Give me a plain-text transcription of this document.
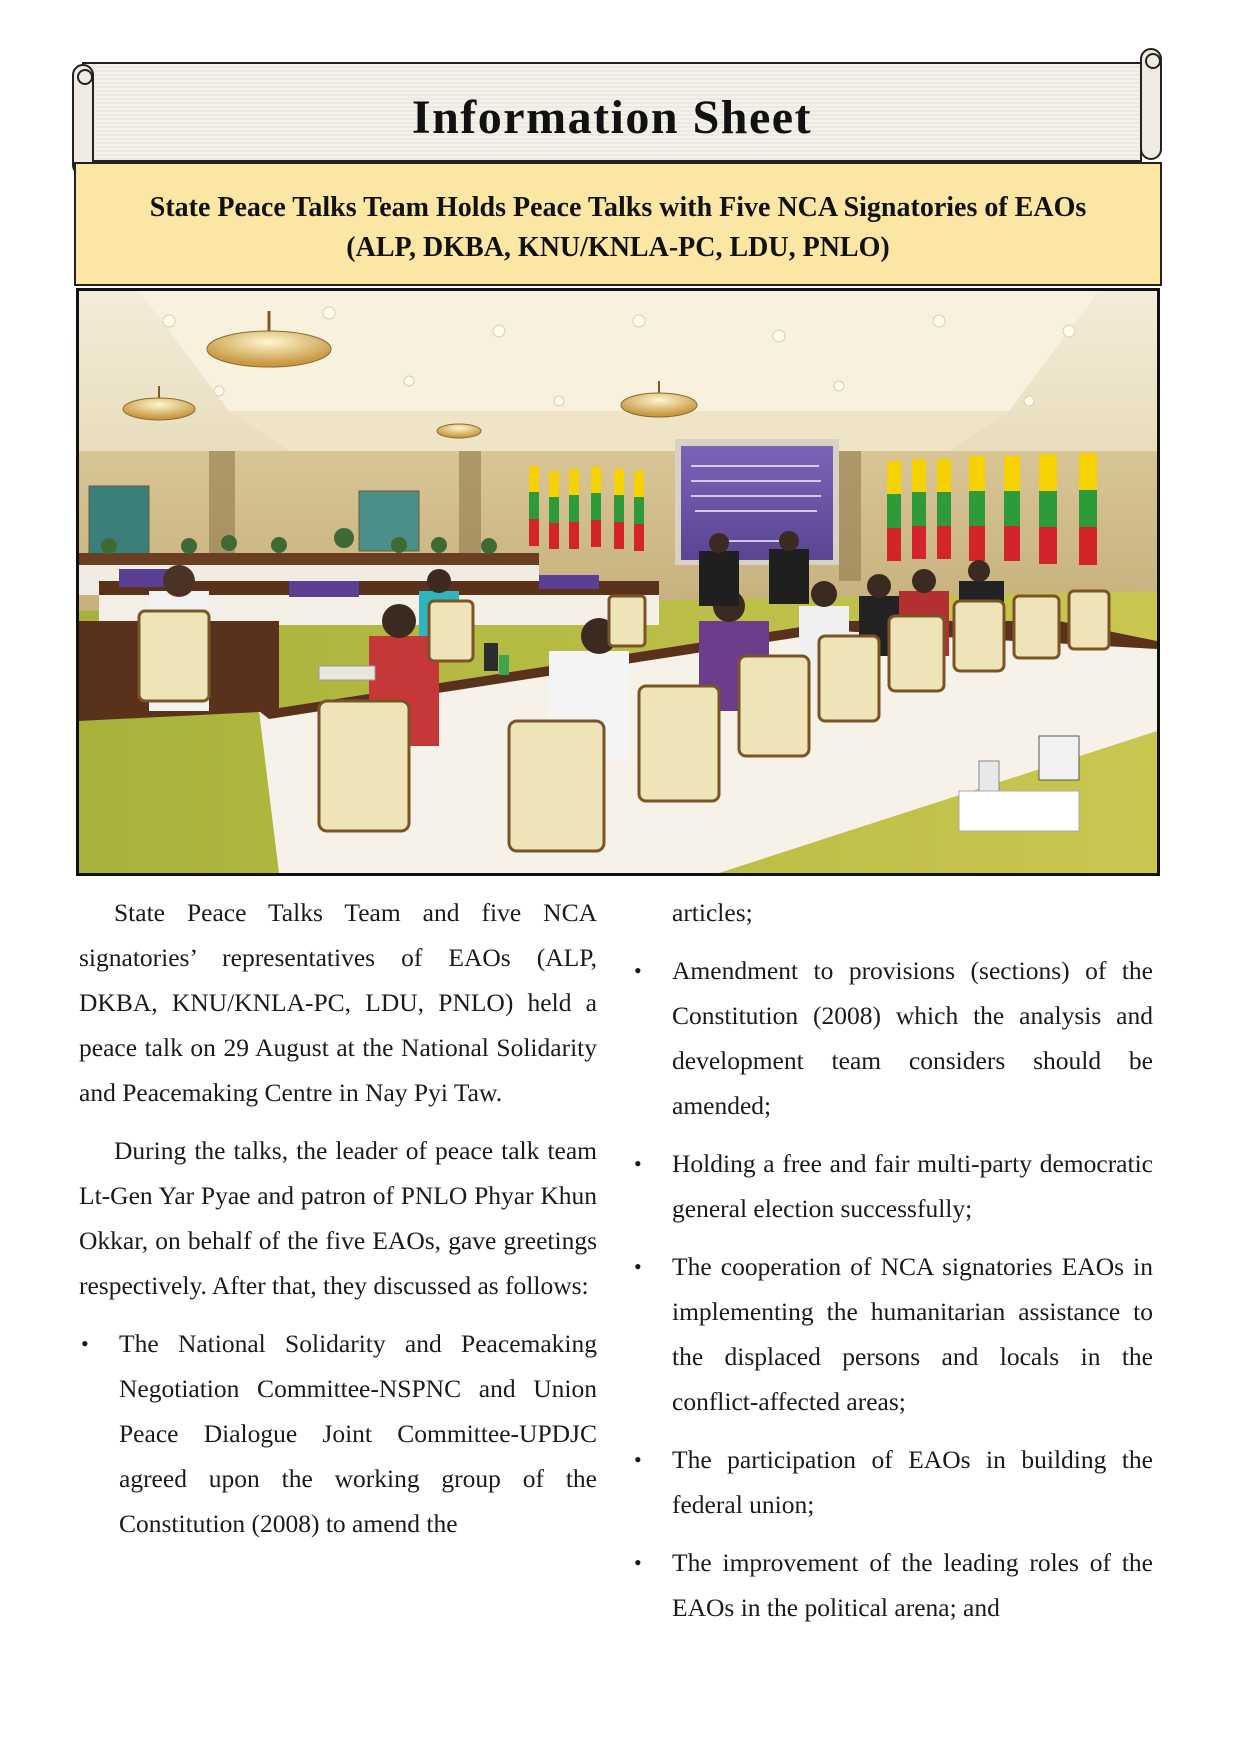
Information Sheet
State Peace Talks Team Holds Peace Talks with Five NCA Signatories of EAOs
(ALP, DKBA, KNU/KNLA-PC, LDU, PNLO)

State Peace Talks Team and five NCA signatories’ representatives of EAOs (ALP, DKBA, KNU/KNLA-PC, LDU, PNLO) held a peace talk on 29 August at the National Solidarity and Peacemaking Centre in Nay Pyi Taw.

During the talks, the leader of peace talk team Lt-Gen Yar Pyae and patron of PNLO Phyar Khun Okkar, on behalf of the five EAOs, gave greetings respectively. After that, they discussed as follows:

• The National Solidarity and Peacemaking Negotiation Committee-NSPNC and Union Peace Dialogue Joint Committee-UPDJC agreed upon the working group of the Constitution (2008) to amend the
articles;
• Amendment to provisions (sections) of the Constitution (2008) which the analysis and development team considers should be amended;
• Holding a free and fair multi-party democratic general election successfully;
• The cooperation of NCA signatories EAOs in implementing the humanitarian assistance to the displaced persons and locals in the conflict-affected areas;
• The participation of EAOs in building the federal union;
• The improvement of the leading roles of the EAOs in the political arena; and
